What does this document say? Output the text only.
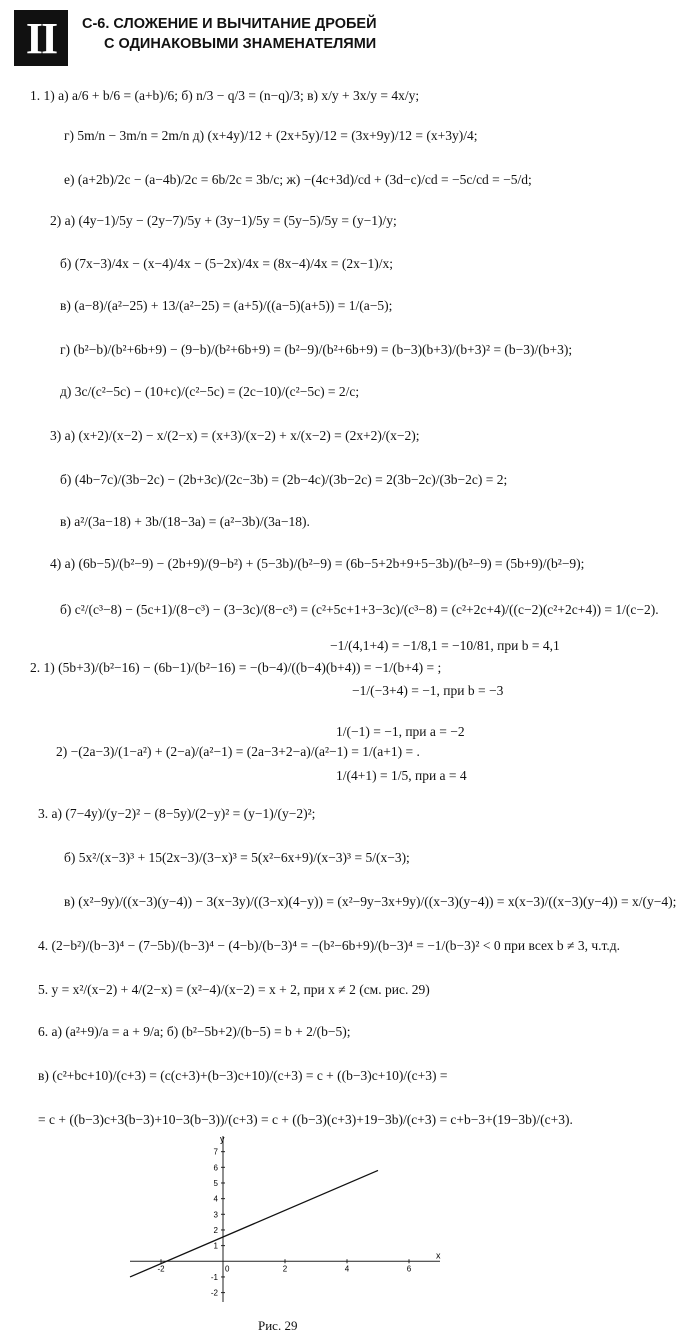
II	С-6. СЛОЖЕНИЕ И ВЫЧИТАНИЕ ДРОБЕЙ
С ОДИНАКОВЫМИ ЗНАМЕНАТЕЛЯМИ
1. 1) а) a/6 + b/6 = (a+b)/6; б) n/3 − q/3 = (n−q)/3; в) x/y + 3x/y = 4x/y;
г) 5m/n − 3m/n = 2m/n д) (x+4y)/12 + (2x+5y)/12 = (3x+9y)/12 = (x+3y)/4;
е) (a+2b)/2c − (a−4b)/2c = 6b/2c = 3b/c; ж) −(4c+3d)/cd + (3d−c)/cd = −5c/cd = −5/d;
2) а) (4y−1)/5y − (2y−7)/5y + (3y−1)/5y = (5y−5)/5y = (y−1)/y;
б) (7x−3)/4x − (x−4)/4x − (5−2x)/4x = (8x−4)/4x = (2x−1)/x;
в) (a−8)/(a²−25) + 13/(a²−25) = (a+5)/((a−5)(a+5)) = 1/(a−5);
г) (b²−b)/(b²+6b+9) − (9−b)/(b²+6b+9) = (b²−9)/(b²+6b+9) = (b−3)(b+3)/(b+3)² = (b−3)/(b+3);
д) 3c/(c²−5c) − (10+c)/(c²−5c) = (2c−10)/(c²−5c) = 2/c;
3) а) (x+2)/(x−2) − x/(2−x) = (x+3)/(x−2) + x/(x−2) = (2x+2)/(x−2);
б) (4b−7c)/(3b−2c) − (2b+3c)/(2c−3b) = (2b−4c)/(3b−2c) = 2(3b−2c)/(3b−2c) = 2;
в) a²/(3a−18) + 3b/(18−3a) = (a²−3b)/(3a−18).
4) а) (6b−5)/(b²−9) − (2b+9)/(9−b²) + (5−3b)/(b²−9) = (6b−5+2b+9+5−3b)/(b²−9) = (5b+9)/(b²−9);
б) c²/(c³−8) − (5c+1)/(8−c³) − (3−3c)/(8−c³) = (c²+5c+1+3−3c)/(c³−8) = (c²+2c+4)/((c−2)(c²+2c+4)) = 1/(c−2).
−1/(4,1+4) = −1/8,1 = −10/81, при b = 4,1
2. 1) (5b+3)/(b²−16) − (6b−1)/(b²−16) = −(b−4)/((b−4)(b+4)) = −1/(b+4) = ;
−1/(−3+4) = −1, при b = −3
1/(−1) = −1, при a = −2
2) −(2a−3)/(1−a²) + (2−a)/(a²−1) = (2a−3+2−a)/(a²−1) = 1/(a+1) = .
1/(4+1) = 1/5, при a = 4
3. а) (7−4y)/(y−2)² − (8−5y)/(2−y)² = (y−1)/(y−2)²;
б) 5x²/(x−3)³ + 15(2x−3)/(3−x)³ = 5(x²−6x+9)/(x−3)³ = 5/(x−3);
в) (x²−9y)/((x−3)(y−4)) − 3(x−3y)/((3−x)(4−y)) = (x²−9y−3x+9y)/((x−3)(y−4)) = x(x−3)/((x−3)(y−4)) = x/(y−4);
4. (2−b²)/(b−3)⁴ − (7−5b)/(b−3)⁴ − (4−b)/(b−3)⁴ = −(b²−6b+9)/(b−3)⁴ = −1/(b−3)² < 0 при всех b ≠ 3, ч.т.д.
5. y = x²/(x−2) + 4/(2−x) = (x²−4)/(x−2) = x + 2, при x ≠ 2 (см. рис. 29)
6. а) (a²+9)/a = a + 9/a; б) (b²−5b+2)/(b−5) = b + 2/(b−5);
в) (c²+bc+10)/(c+3) = (c(c+3)+(b−3)c+10)/(c+3) = c + ((b−3)c+10)/(c+3) =
= c + ((b−3)c+3(b−3)+10−3(b−3))/(c+3) = c + ((b−3)(c+3)+19−3b)/(c+3) = c+b−3+(19−3b)/(c+3).
x
y
0
-2	2	4	6
-2
-1
1
2
3
4
5
6
7
Рис. 29
